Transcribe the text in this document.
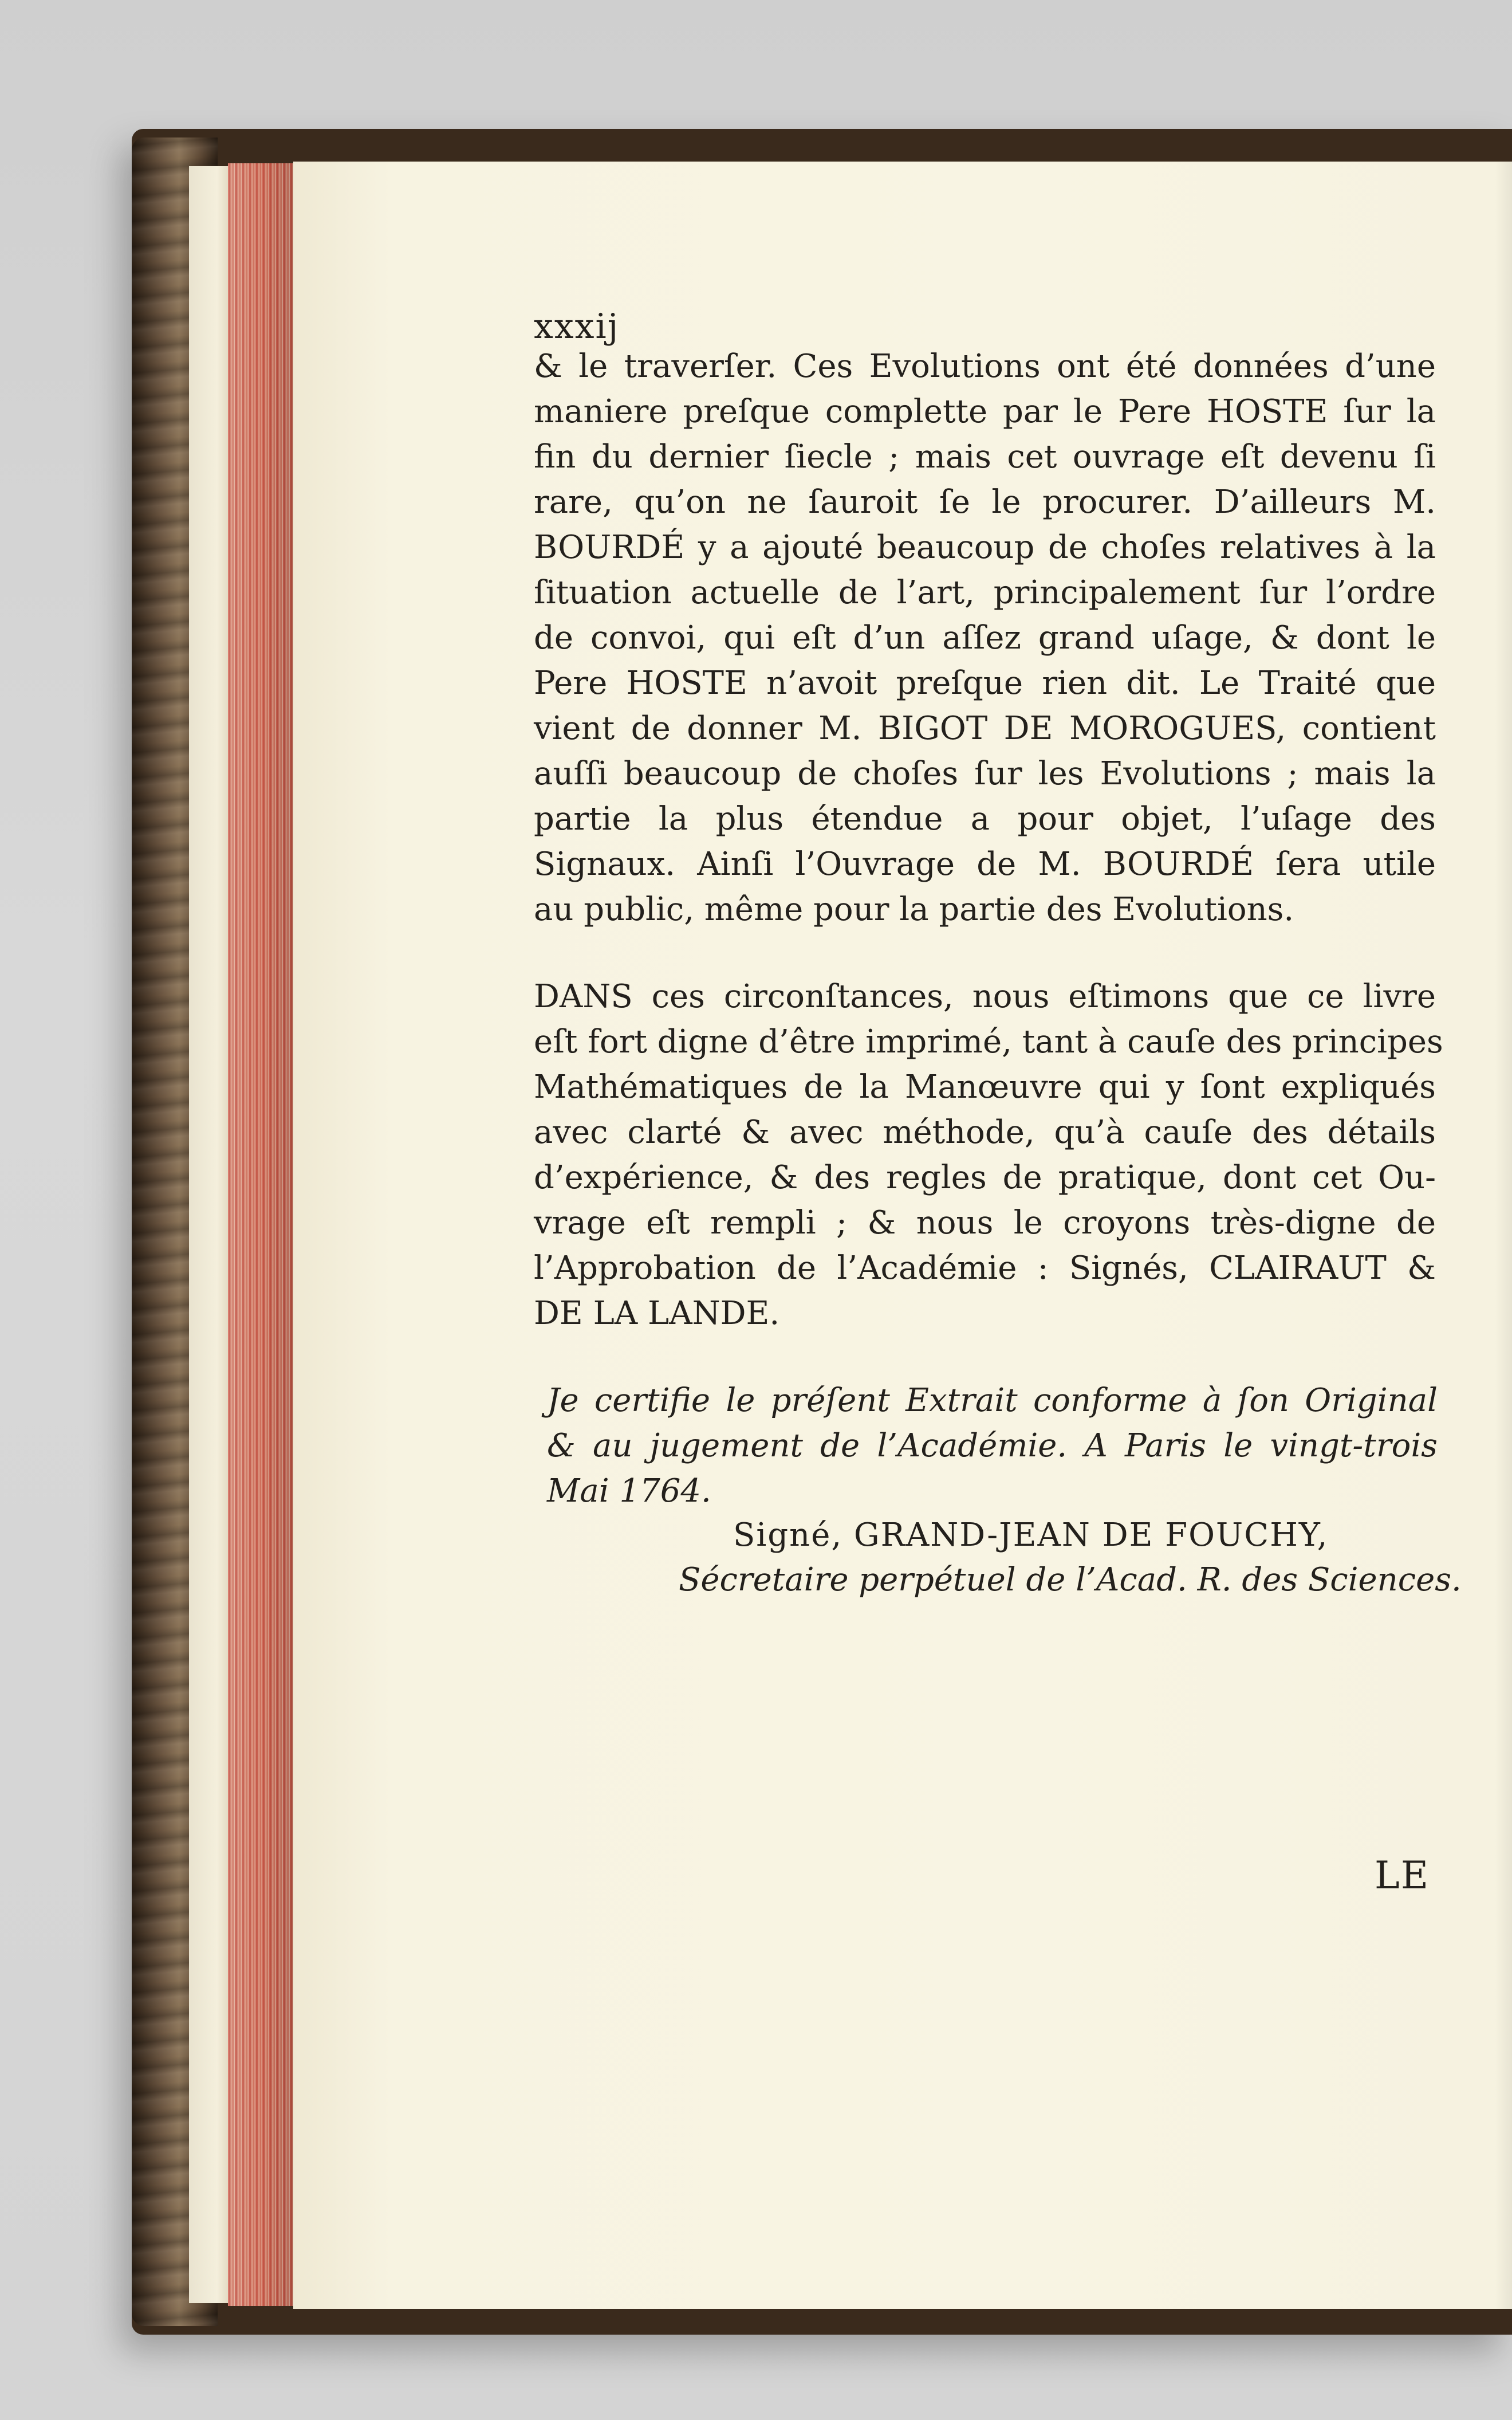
xxxij
& le traverſer. Ces Evolutions ont été données d’une
maniere preſque complette par le Pere HOSTE ſur la
fin du dernier ſiecle ; mais cet ouvrage eſt devenu ſi
rare, qu’on ne ſauroit ſe le procurer. D’ailleurs M.
BOURDÉ y a ajouté beaucoup de choſes relatives à la
ſituation actuelle de l’art, principalement ſur l’ordre
de convoi, qui eſt d’un aſſez grand uſage, & dont le
Pere HOSTE n’avoit preſque rien dit. Le Traité que
vient de donner M. BIGOT DE MOROGUES, contient
auſſi beaucoup de choſes ſur les Evolutions ; mais la
partie la plus étendue a pour objet, l’uſage des
Signaux. Ainſi l’Ouvrage de M. BOURDÉ ſera utile
au public, même pour la partie des Evolutions.
DANS ces circonſtances, nous eſtimons que ce livre
eſt fort digne d’être imprimé, tant à cauſe des principes
Mathématiques de la Manœuvre qui y ſont expliqués
avec clarté & avec méthode, qu’à cauſe des détails
d’expérience, & des regles de pratique, dont cet Ou-
vrage eſt rempli ; & nous le croyons très-digne de
l’Approbation de l’Académie : Signés, CLAIRAUT &
DE LA LANDE.
Je certifie le préſent Extrait conforme à ſon Original
& au jugement de l’Académie. A Paris le vingt-trois
Mai 1764.
Signé, GRAND-JEAN DE FOUCHY,
Sécretaire perpétuel de l’Acad. R. des Sciences.
LE
